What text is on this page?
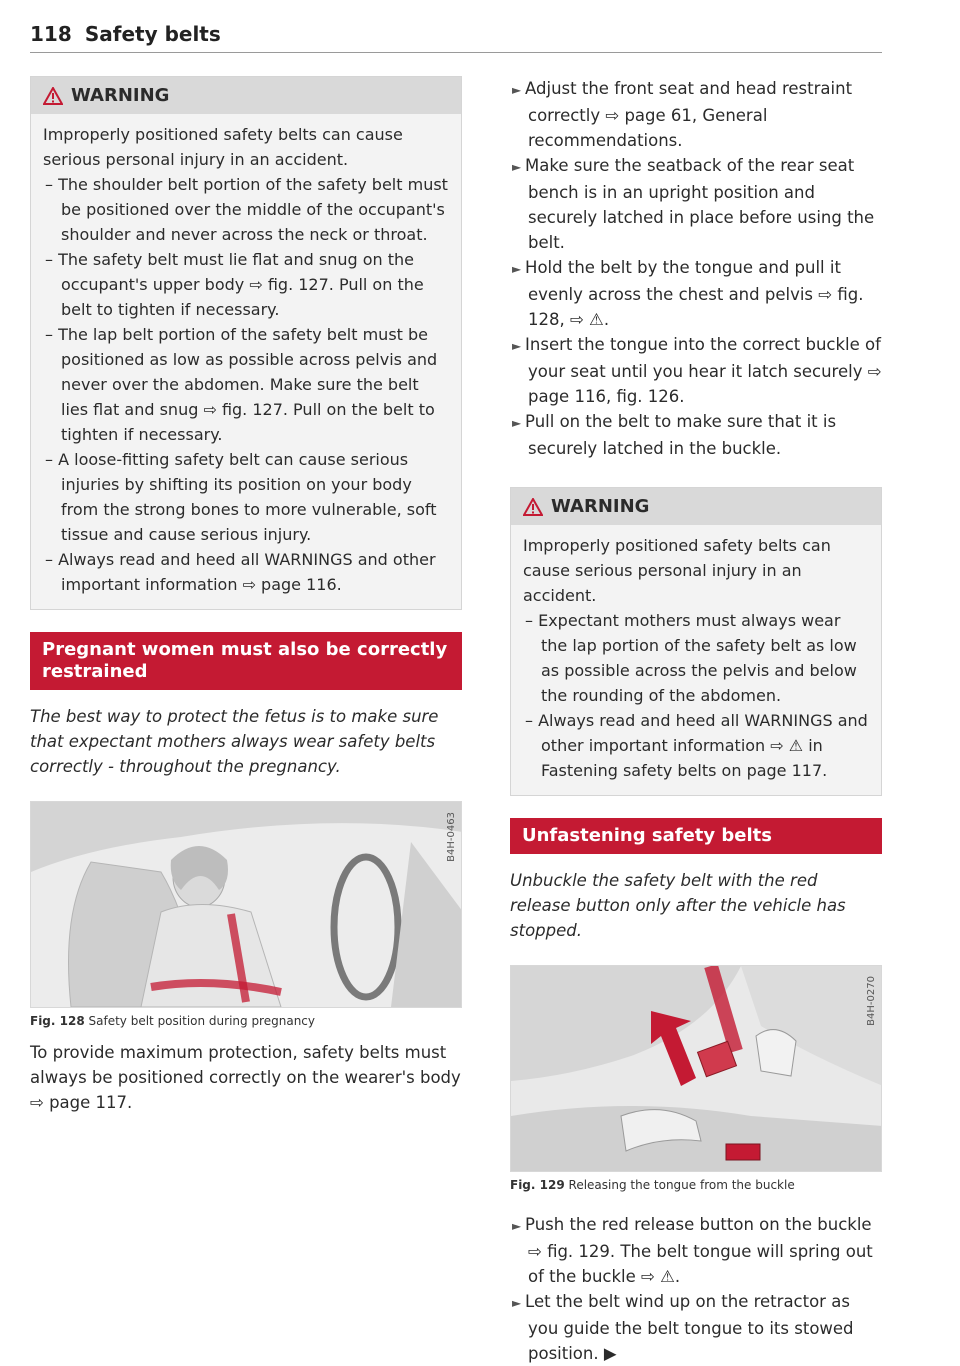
118 Safety belts
WARNING
Improperly positioned safety belts can cause serious personal injury in an accident.
– The shoulder belt portion of the safety belt must be positioned over the middle of the occupant's shoulder and never across the neck or throat.
– The safety belt must lie flat and snug on the occupant's upper body ⇨ fig. 127. Pull on the belt to tighten if necessary.
– The lap belt portion of the safety belt must be positioned as low as possible across pelvis and never over the abdomen. Make sure the belt lies flat and snug ⇨ fig. 127. Pull on the belt to tighten if necessary.
– A loose-fitting safety belt can cause serious injuries by shifting its position on your body from the strong bones to more vulnerable, soft tissue and cause serious injury.
– Always read and heed all WARNINGS and other important information ⇨ page 116.
Pregnant women must also be correctly restrained
The best way to protect the fetus is to make sure that expectant mothers always wear safety belts correctly - throughout the pregnancy.
B4H-0463
Fig. 128 Safety belt position during pregnancy

To provide maximum protection, safety belts must always be positioned correctly on the wearer's body ⇨ page 117.

► Adjust the front seat and head restraint correctly ⇨ page 61, General recommendations.

► Make sure the seatback of the rear seat bench is in an upright position and securely latched in place before using the belt.

► Hold the belt by the tongue and pull it evenly across the chest and pelvis ⇨ fig. 128, ⇨ ⚠.

► Insert the tongue into the correct buckle of your seat until you hear it latch securely ⇨ page 116, fig. 126.

► Pull on the belt to make sure that it is securely latched in the buckle.

WARNING
Improperly positioned safety belts can cause serious personal injury in an accident.
– Expectant mothers must always wear the lap portion of the safety belt as low as possible across the pelvis and below the rounding of the abdomen.
– Always read and heed all WARNINGS and other important information ⇨ ⚠ in Fastening safety belts on page 117.
Unfastening safety belts
Unbuckle the safety belt with the red release button only after the vehicle has stopped.
B4H-0270
Fig. 129 Releasing the tongue from the buckle

► Push the red release button on the buckle ⇨ fig. 129. The belt tongue will spring out of the buckle ⇨ ⚠.

► Let the belt wind up on the retractor as you guide the belt tongue to its stowed position. ▶
